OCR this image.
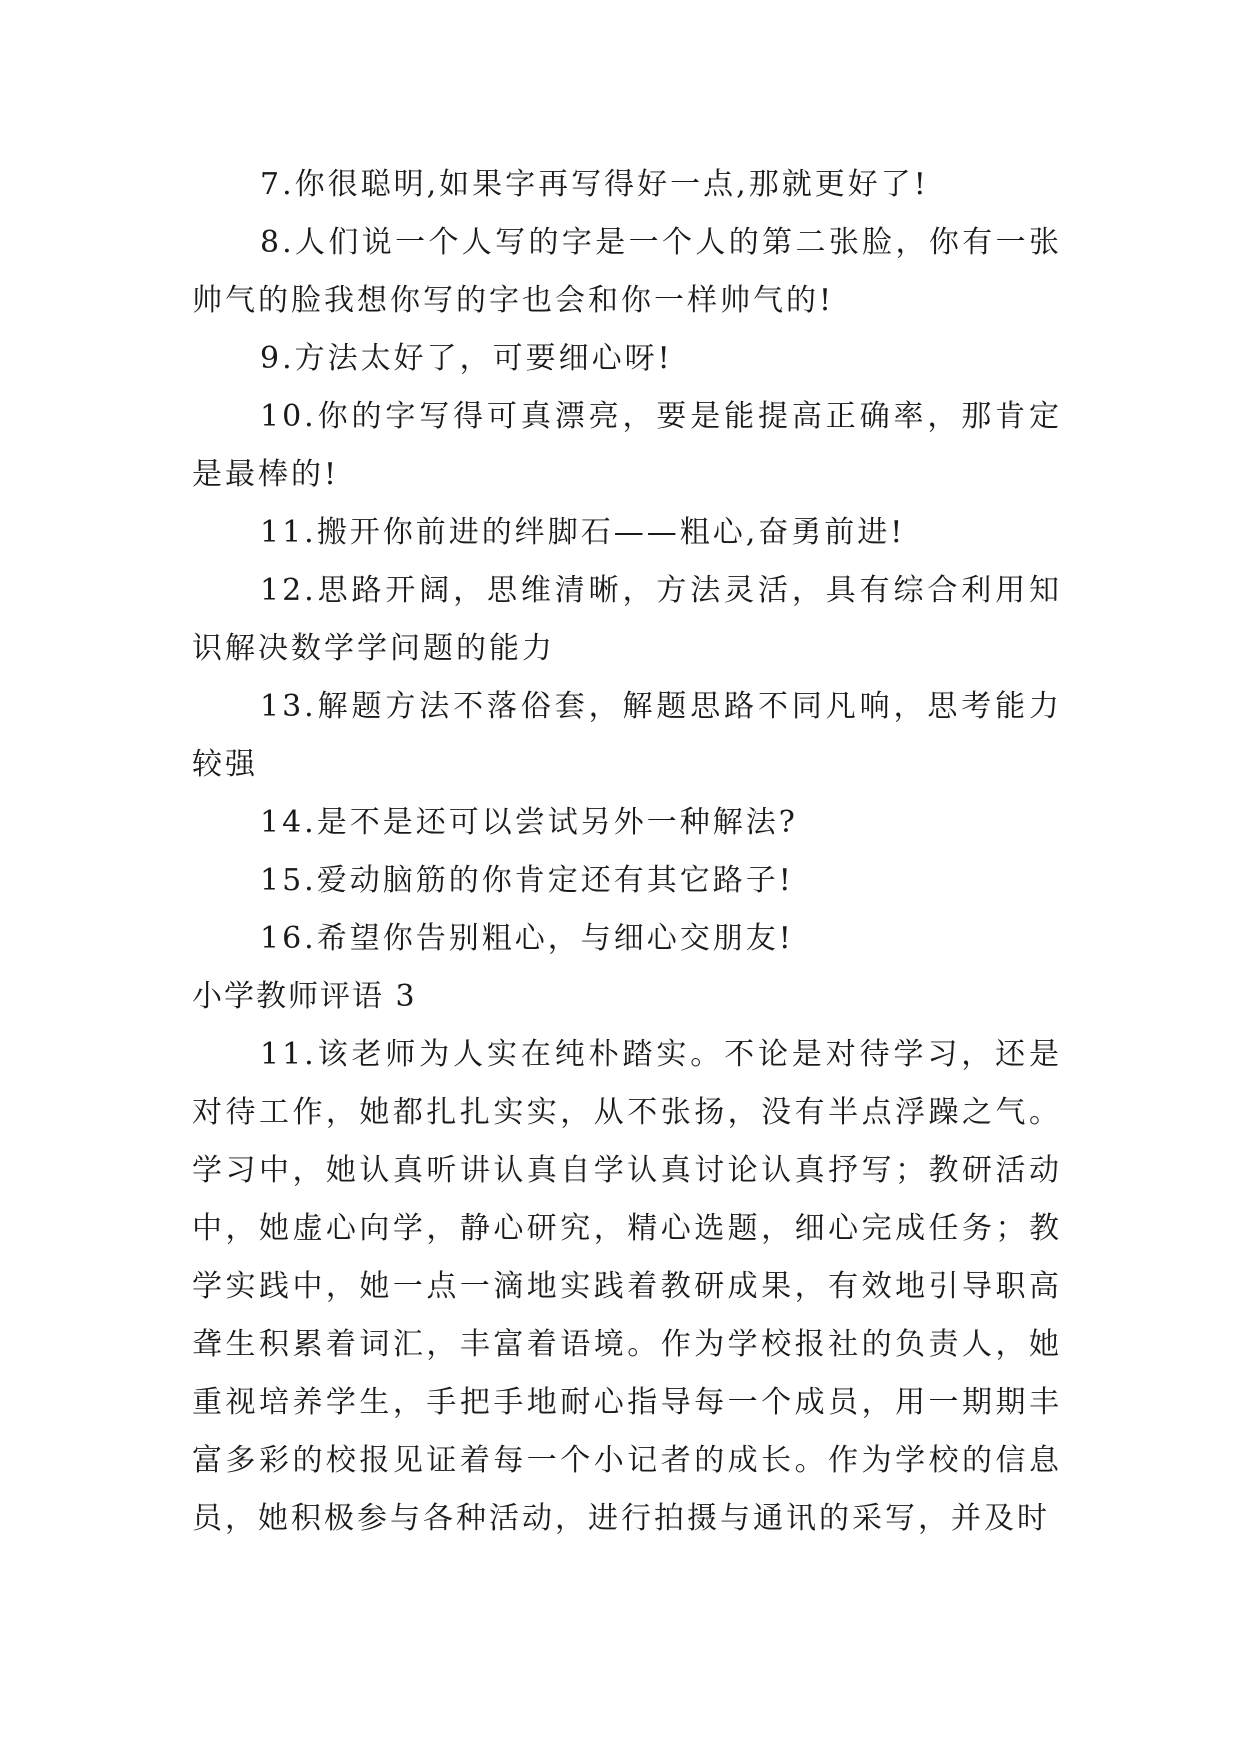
7.你很聪明,如果字再写得好一点,那就更好了!

8.人们说一个人写的字是一个人的第二张脸，你有一张帅气的脸我想你写的字也会和你一样帅气的!

9.方法太好了，可要细心呀!

10.你的字写得可真漂亮，要是能提高正确率，那肯定是最棒的!

11.搬开你前进的绊脚石——粗心,奋勇前进!

12.思路开阔，思维清晰，方法灵活，具有综合利用知识解决数学学问题的能力

13.解题方法不落俗套，解题思路不同凡响，思考能力较强

14.是不是还可以尝试另外一种解法?

15.爱动脑筋的你肯定还有其它路子!

16.希望你告别粗心，与细心交朋友!

小学教师评语 3

11.该老师为人实在纯朴踏实。不论是对待学习，还是对待工作，她都扎扎实实，从不张扬，没有半点浮躁之气。学习中，她认真听讲认真自学认真讨论认真抒写；教研活动中，她虚心向学，静心研究，精心选题，细心完成任务；教学实践中，她一点一滴地实践着教研成果，有效地引导职高聋生积累着词汇，丰富着语境。作为学校报社的负责人，她重视培养学生，手把手地耐心指导每一个成员，用一期期丰富多彩的校报见证着每一个小记者的成长。作为学校的信息员，她积极参与各种活动，进行拍摄与通讯的采写，并及时
